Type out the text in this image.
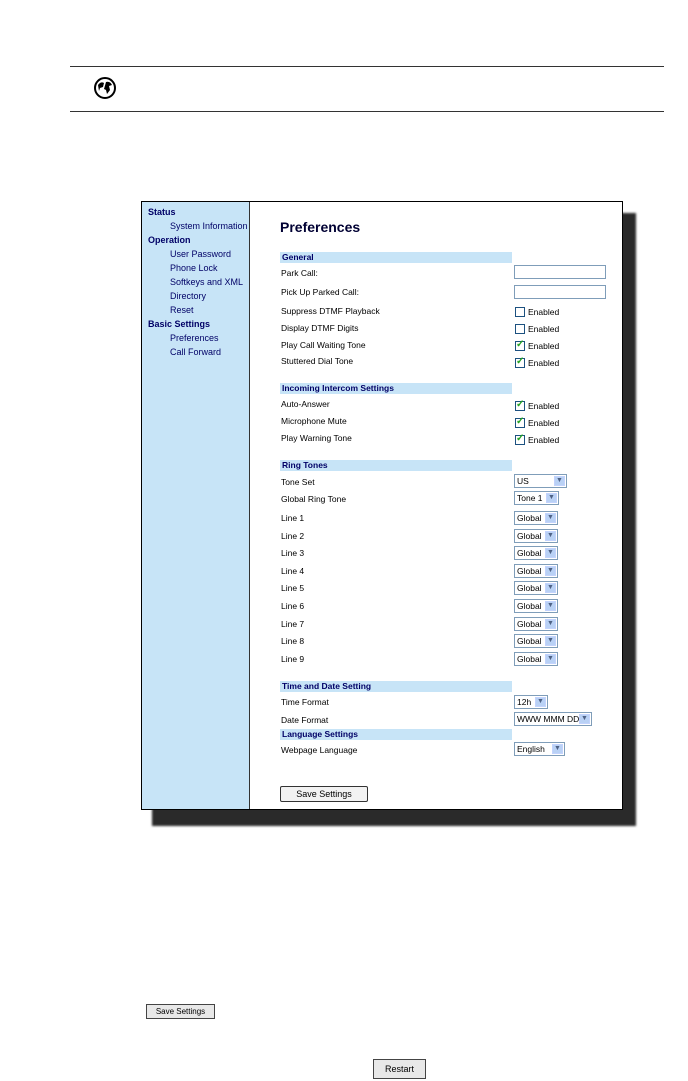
Status
System Information
Operation
User Password
Phone Lock
Softkeys and XML
Directory
Reset
Basic Settings
Preferences
Call Forward
Preferences
General
Park Call:
Pick Up Parked Call:
Suppress DTMF Playback	Enabled
Display DTMF Digits	Enabled
Play Call Waiting Tone ✓	Enabled
Stuttered Dial Tone ✓	Enabled
Incoming Intercom Settings
Auto-Answer ✓	Enabled
Microphone Mute ✓	Enabled
Play Warning Tone ✓	Enabled
Ring Tones
Tone Set	US	▼
Global Ring Tone	Tone 1 ▼
Line 1	Global ▼
Line 2	Global ▼
Line 3	Global ▼
Line 4	Global ▼
Line 5	Global ▼
Line 6	Global ▼
Line 7	Global ▼
Line 8	Global ▼
Line 9	Global ▼
Time and Date Setting
Time Format	12h ▼
Date Format	WWW MMM DD ▼
Language Settings
Webpage Language	English ▼
Save Settings
Save Settings
Restart
